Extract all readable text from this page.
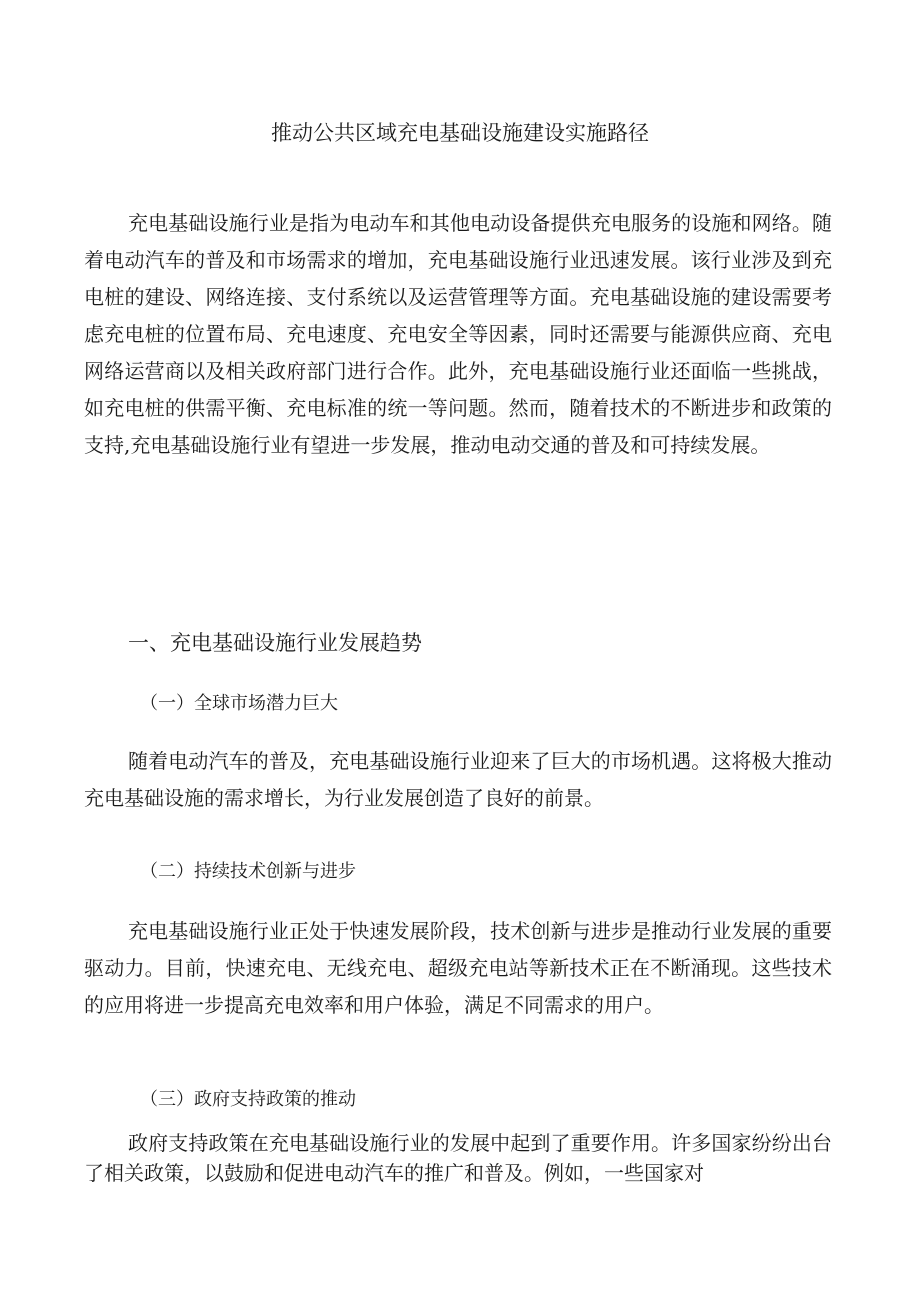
推动公共区域充电基础设施建设实施路径

充电基础设施行业是指为电动车和其他电动设备提供充电服务的设施和网络。随着电动汽车的普及和市场需求的增加，充电基础设施行业迅速发展。该行业涉及到充电桩的建设、网络连接、支付系统以及运营管理等方面。充电基础设施的建设需要考虑充电桩的位置布局、充电速度、充电安全等因素，同时还需要与能源供应商、充电网络运营商以及相关政府部门进行合作。此外，充电基础设施行业还面临一些挑战，如充电桩的供需平衡、充电标准的统一等问题。然而，随着技术的不断进步和政策的支持,充电基础设施行业有望进一步发展，推动电动交通的普及和可持续发展。

一、充电基础设施行业发展趋势
（一）全球市场潜力巨大

随着电动汽车的普及，充电基础设施行业迎来了巨大的市场机遇。这将极大推动充电基础设施的需求增长，为行业发展创造了良好的前景。

（二）持续技术创新与进步

充电基础设施行业正处于快速发展阶段，技术创新与进步是推动行业发展的重要驱动力。目前，快速充电、无线充电、超级充电站等新技术正在不断涌现。这些技术的应用将进一步提高充电效率和用户体验，满足不同需求的用户。

（三）政府支持政策的推动

政府支持政策在充电基础设施行业的发展中起到了重要作用。许多国家纷纷出台了相关政策，以鼓励和促进电动汽车的推广和普及。例如，一些国家对
